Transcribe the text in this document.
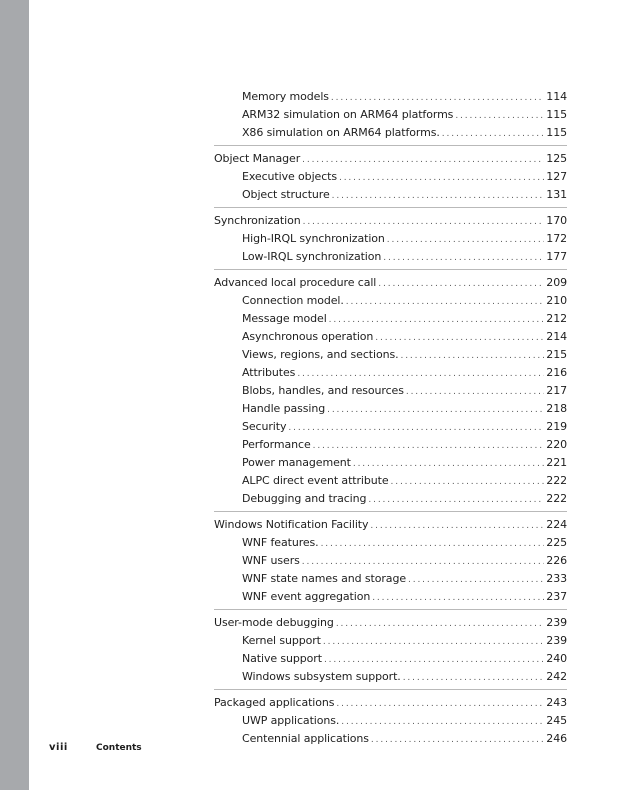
Memory models . . .	114
ARM32 simulation on ARM64 platforms . . .	115
X86 simulation on ARM64 platforms. . . .	115
Object Manager . . .	125
Executive objects . . .	127
Object structure . . .	131
Synchronization . . .	170
High-IRQL synchronization . . .	172
Low-IRQL synchronization . . .	177
Advanced local procedure call . . .	209
Connection model. . . .	210
Message model . . .	212
Asynchronous operation . . .	214
Views, regions, and sections. . . .	215
Attributes . . .	216
Blobs, handles, and resources . . .	217
Handle passing . . .	218
Security . . .	219
Performance . . .	220
Power management . . .	221
ALPC direct event attribute . . .	222
Debugging and tracing . . .	222
Windows Notification Facility . . .	224
WNF features. . . .	225
WNF users . . .	226
WNF state names and storage . . .	233
WNF event aggregation . . .	237
User-mode debugging . . .	239
Kernel support . . .	239
Native support . . .	240
Windows subsystem support. . . .	242
Packaged applications . . .	243
UWP applications. . . .	245
Centennial applications . . .	246
viii	Contents
